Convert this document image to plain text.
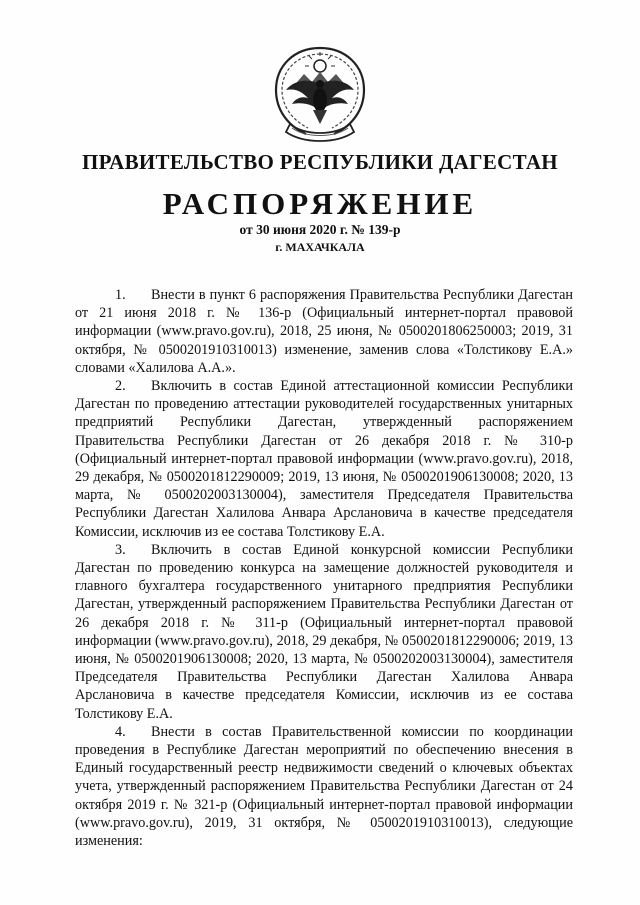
ПРАВИТЕЛЬСТВО РЕСПУБЛИКИ ДАГЕСТАН
РАСПОРЯЖЕНИЕ
от 30 июня 2020 г. № 139-р
г. МАХАЧКАЛА

1. Внести в пункт 6 распоряжения Правительства Республики Дагестан от 21 июня 2018 г. № 136-р (Официальный интернет-портал правовой информации (www.pravo.gov.ru), 2018, 25 июня, № 0500201806250003; 2019, 31 октября, № 0500201910310013) изменение, заменив слова «Толстикову Е.А.» словами «Халилова А.А.».

2. Включить в состав Единой аттестационной комиссии Республики Дагестан по проведению аттестации руководителей государственных унитарных предприятий Республики Дагестан, утвержденный распоряжением Правительства Республики Дагестан от 26 декабря 2018 г. № 310-р (Официальный интернет-портал правовой информации (www.pravo.gov.ru), 2018, 29 декабря, № 0500201812290009; 2019, 13 июня, № 0500201906130008; 2020, 13 марта, № 0500202003130004), заместителя Председателя Правительства Республики Дагестан Халилова Анвара Арслановича в качестве председателя Комиссии, исключив из ее состава Толстикову Е.А.

3. Включить в состав Единой конкурсной комиссии Республики Дагестан по проведению конкурса на замещение должностей руководителя и главного бухгалтера государственного унитарного предприятия Республики Дагестан, утвержденный распоряжением Правительства Республики Дагестан от 26 декабря 2018 г. № 311-р (Официальный интернет-портал правовой информации (www.pravo.gov.ru), 2018, 29 декабря, № 0500201812290006; 2019, 13 июня, № 0500201906130008; 2020, 13 марта, № 0500202003130004), заместителя Председателя Правительства Республики Дагестан Халилова Анвара Арслановича в качестве председателя Комиссии, исключив из ее состава Толстикову Е.А.

4. Внести в состав Правительственной комиссии по координации проведения в Республике Дагестан мероприятий по обеспечению внесения в Единый государственный реестр недвижимости сведений о ключевых объектах учета, утвержденный распоряжением Правительства Республики Дагестан от 24 октября 2019 г. № 321-р (Официальный интернет-портал правовой информации (www.pravo.gov.ru), 2019, 31 октября, № 0500201910310013), следующие изменения:
